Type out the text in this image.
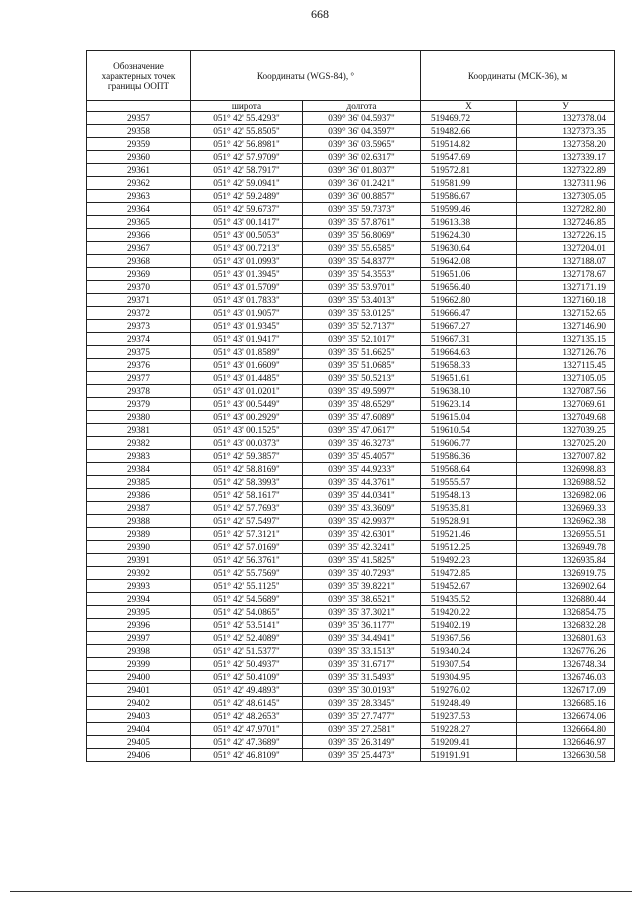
668
Обозначение характерных точек границы ООПТ	Координаты (WGS-84), °		Координаты (МСК-36), м	
	широта	долгота	X	У
29357	051° 42' 55.4293"	039° 36' 04.5937"	519469.72	1327378.04
29358	051° 42' 55.8505"	039° 36' 04.3597"	519482.66	1327373.35
29359	051° 42' 56.8981"	039° 36' 03.5965"	519514.82	1327358.20
29360	051° 42' 57.9709"	039° 36' 02.6317"	519547.69	1327339.17
29361	051° 42' 58.7917"	039° 36' 01.8037"	519572.81	1327322.89
29362	051° 42' 59.0941"	039° 36' 01.2421"	519581.99	1327311.96
29363	051° 42' 59.2489"	039° 36' 00.8857"	519586.67	1327305.05
29364	051° 42' 59.6737"	039° 35' 59.7373"	519599.46	1327282.80
29365	051° 43' 00.1417"	039° 35' 57.8761"	519613.38	1327246.85
29366	051° 43' 00.5053"	039° 35' 56.8069"	519624.30	1327226.15
29367	051° 43' 00.7213"	039° 35' 55.6585"	519630.64	1327204.01
29368	051° 43' 01.0993"	039° 35' 54.8377"	519642.08	1327188.07
29369	051° 43' 01.3945"	039° 35' 54.3553"	519651.06	1327178.67
29370	051° 43' 01.5709"	039° 35' 53.9701"	519656.40	1327171.19
29371	051° 43' 01.7833"	039° 35' 53.4013"	519662.80	1327160.18
29372	051° 43' 01.9057"	039° 35' 53.0125"	519666.47	1327152.65
29373	051° 43' 01.9345"	039° 35' 52.7137"	519667.27	1327146.90
29374	051° 43' 01.9417"	039° 35' 52.1017"	519667.31	1327135.15
29375	051° 43' 01.8589"	039° 35' 51.6625"	519664.63	1327126.76
29376	051° 43' 01.6609"	039° 35' 51.0685"	519658.33	1327115.45
29377	051° 43' 01.4485"	039° 35' 50.5213"	519651.61	1327105.05
29378	051° 43' 01.0201"	039° 35' 49.5997"	519638.10	1327087.56
29379	051° 43' 00.5449"	039° 35' 48.6529"	519623.14	1327069.61
29380	051° 43' 00.2929"	039° 35' 47.6089"	519615.04	1327049.68
29381	051° 43' 00.1525"	039° 35' 47.0617"	519610.54	1327039.25
29382	051° 43' 00.0373"	039° 35' 46.3273"	519606.77	1327025.20
29383	051° 42' 59.3857"	039° 35' 45.4057"	519586.36	1327007.82
29384	051° 42' 58.8169"	039° 35' 44.9233"	519568.64	1326998.83
29385	051° 42' 58.3993"	039° 35' 44.3761"	519555.57	1326988.52
29386	051° 42' 58.1617"	039° 35' 44.0341"	519548.13	1326982.06
29387	051° 42' 57.7693"	039° 35' 43.3609"	519535.81	1326969.33
29388	051° 42' 57.5497"	039° 35' 42.9937"	519528.91	1326962.38
29389	051° 42' 57.3121"	039° 35' 42.6301"	519521.46	1326955.51
29390	051° 42' 57.0169"	039° 35' 42.3241"	519512.25	1326949.78
29391	051° 42' 56.3761"	039° 35' 41.5825"	519492.23	1326935.84
29392	051° 42' 55.7569"	039° 35' 40.7293"	519472.85	1326919.75
29393	051° 42' 55.1125"	039° 35' 39.8221"	519452.67	1326902.64
29394	051° 42' 54.5689"	039° 35' 38.6521"	519435.52	1326880.44
29395	051° 42' 54.0865"	039° 35' 37.3021"	519420.22	1326854.75
29396	051° 42' 53.5141"	039° 35' 36.1177"	519402.19	1326832.28
29397	051° 42' 52.4089"	039° 35' 34.4941"	519367.56	1326801.63
29398	051° 42' 51.5377"	039° 35' 33.1513"	519340.24	1326776.26
29399	051° 42' 50.4937"	039° 35' 31.6717"	519307.54	1326748.34
29400	051° 42' 50.4109"	039° 35' 31.5493"	519304.95	1326746.03
29401	051° 42' 49.4893"	039° 35' 30.0193"	519276.02	1326717.09
29402	051° 42' 48.6145"	039° 35' 28.3345"	519248.49	1326685.16
29403	051° 42' 48.2653"	039° 35' 27.7477"	519237.53	1326674.06
29404	051° 42' 47.9701"	039° 35' 27.2581"	519228.27	1326664.80
29405	051° 42' 47.3689"	039° 35' 26.3149"	519209.41	1326646.97
29406	051° 42' 46.8109"	039° 35' 25.4473"	519191.91	1326630.58
